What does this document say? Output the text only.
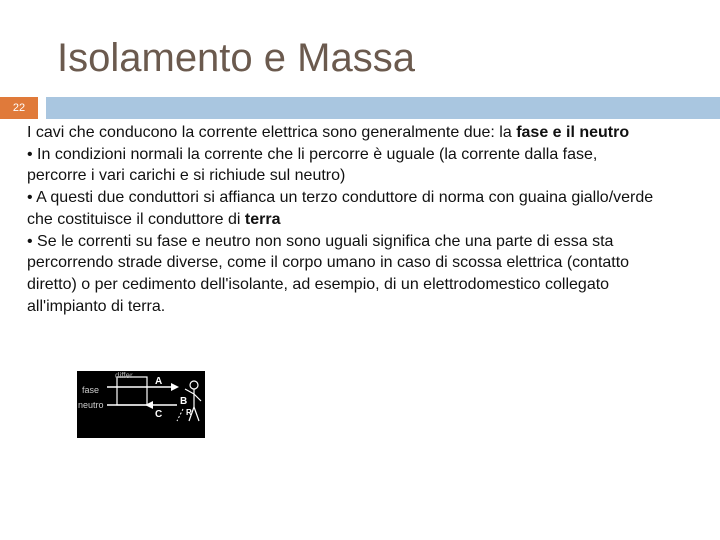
Isolamento e Massa
22

I cavi che conducono la corrente elettrica sono generalmente due: la fase e il neutro

• In condizioni normali la corrente che li percorre è uguale (la corrente dalla fase, percorre i vari carichi e si richiude sul neutro)

• A questi due conduttori si affianca un terzo conduttore di norma con guaina giallo/verde che costituisce il conduttore di terra

• Se le correnti su fase e neutro non sono uguali significa che una parte di essa sta percorrendo strade diverse, come il corpo umano in caso di scossa elettrica (contatto diretto) o per cedimento dell'isolante, ad esempio, di un elettrodomestico collegato all'impianto di terra.

differ
fase
neutro
A
B
C	R
